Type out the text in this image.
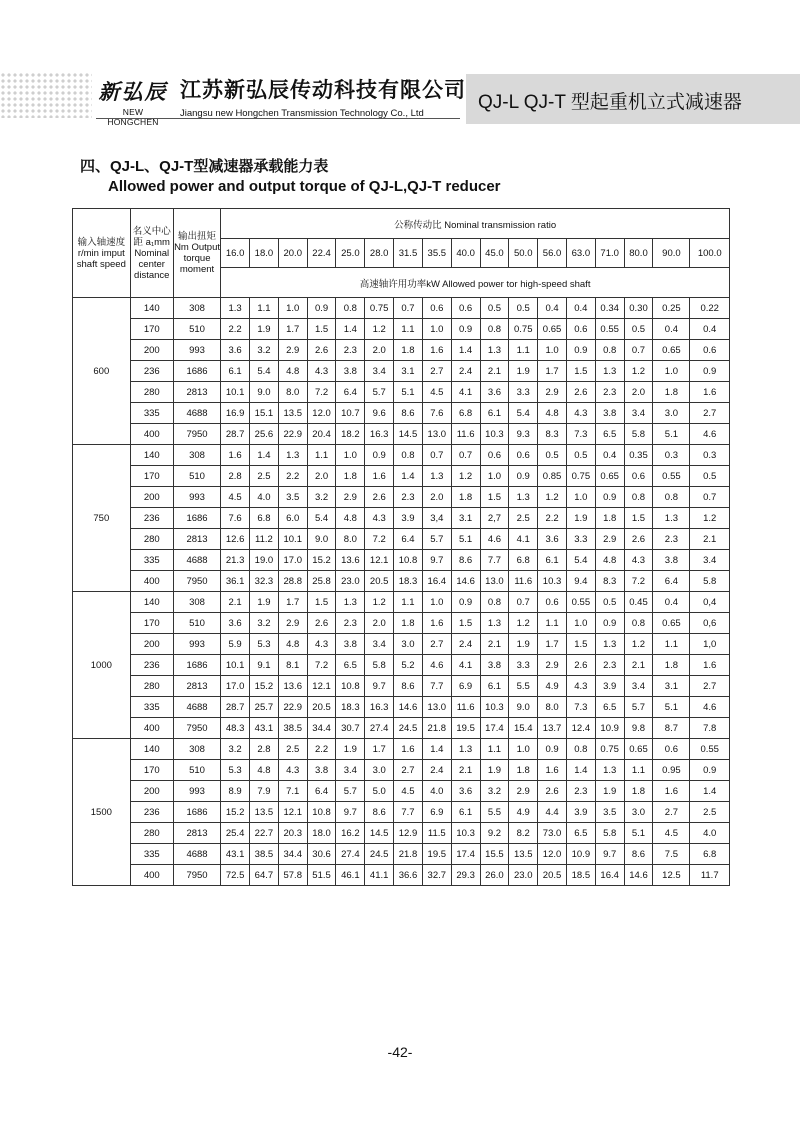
新弘辰
NEW HONGCHEN
江苏新弘辰传动科技有限公司
Jiangsu new Hongchen Transmission Technology Co., Ltd
QJ-L QJ-T 型起重机立式减速器
四、QJ-L、QJ-T型减速器承载能力表
Allowed power and output torque of QJ-L,QJ-T reducer
输入轴速度 r/min imput shaft speed	名义中心距 a₁mm Nominal center distance	输出扭矩 Nm Output torque moment	公称传动比 Nominal transmission ratio																
			16.0	18.0	20.0	22.4	25.0	28.0	31.5	35.5	40.0	45.0	50.0	56.0	63.0	71.0	80.0	90.0	100.0
			高速轴许用功率kW Allowed power tor high-speed shaft																
600	140	308	1.3	1.1	1.0	0.9	0.8	0.75	0.7	0.6	0.6	0.5	0.5	0.4	0.4	0.34	0.30	0.25	0.22
	170	510	2.2	1.9	1.7	1.5	1.4	1.2	1.1	1.0	0.9	0.8	0.75	0.65	0.6	0.55	0.5	0.4	0.4
	200	993	3.6	3.2	2.9	2.6	2.3	2.0	1.8	1.6	1.4	1.3	1.1	1.0	0.9	0.8	0.7	0.65	0.6
	236	1686	6.1	5.4	4.8	4.3	3.8	3.4	3.1	2.7	2.4	2.1	1.9	1.7	1.5	1.3	1.2	1.0	0.9
	280	2813	10.1	9.0	8.0	7.2	6.4	5.7	5.1	4.5	4.1	3.6	3.3	2.9	2.6	2.3	2.0	1.8	1.6
	335	4688	16.9	15.1	13.5	12.0	10.7	9.6	8.6	7.6	6.8	6.1	5.4	4.8	4.3	3.8	3.4	3.0	2.7
	400	7950	28.7	25.6	22.9	20.4	18.2	16.3	14.5	13.0	11.6	10.3	9.3	8.3	7.3	6.5	5.8	5.1	4.6
750	140	308	1.6	1.4	1.3	1.1	1.0	0.9	0.8	0.7	0.7	0.6	0.6	0.5	0.5	0.4	0.35	0.3	0.3
	170	510	2.8	2.5	2.2	2.0	1.8	1.6	1.4	1.3	1.2	1.0	0.9	0.85	0.75	0.65	0.6	0.55	0.5
	200	993	4.5	4.0	3.5	3.2	2.9	2.6	2.3	2.0	1.8	1.5	1.3	1.2	1.0	0.9	0.8	0.8	0.7
	236	1686	7.6	6.8	6.0	5.4	4.8	4.3	3.9	3,4	3.1	2,7	2.5	2.2	1.9	1.8	1.5	1.3	1.2
	280	2813	12.6	11.2	10.1	9.0	8.0	7.2	6.4	5.7	5.1	4.6	4.1	3.6	3.3	2.9	2.6	2.3	2.1
	335	4688	21.3	19.0	17.0	15.2	13.6	12.1	10.8	9.7	8.6	7.7	6.8	6.1	5.4	4.8	4.3	3.8	3.4
	400	7950	36.1	32.3	28.8	25.8	23.0	20.5	18.3	16.4	14.6	13.0	11.6	10.3	9.4	8.3	7.2	6.4	5.8
1000	140	308	2.1	1.9	1.7	1.5	1.3	1.2	1.1	1.0	0.9	0.8	0.7	0.6	0.55	0.5	0.45	0.4	0,4
	170	510	3.6	3.2	2.9	2.6	2.3	2.0	1.8	1.6	1.5	1.3	1.2	1.1	1.0	0.9	0.8	0.65	0,6
	200	993	5.9	5.3	4.8	4.3	3.8	3.4	3.0	2.7	2.4	2.1	1.9	1.7	1.5	1.3	1.2	1.1	1,0
	236	1686	10.1	9.1	8.1	7.2	6.5	5.8	5.2	4.6	4.1	3.8	3.3	2.9	2.6	2.3	2.1	1.8	1.6
	280	2813	17.0	15.2	13.6	12.1	10.8	9.7	8.6	7.7	6.9	6.1	5.5	4.9	4.3	3.9	3.4	3.1	2.7
	335	4688	28.7	25.7	22.9	20.5	18.3	16.3	14.6	13.0	11.6	10.3	9.0	8.0	7.3	6.5	5.7	5.1	4.6
	400	7950	48.3	43.1	38.5	34.4	30.7	27.4	24.5	21.8	19.5	17.4	15.4	13.7	12.4	10.9	9.8	8.7	7.8
1500	140	308	3.2	2.8	2.5	2.2	1.9	1.7	1.6	1.4	1.3	1.1	1.0	0.9	0.8	0.75	0.65	0.6	0.55
	170	510	5.3	4.8	4.3	3.8	3.4	3.0	2.7	2.4	2.1	1.9	1.8	1.6	1.4	1.3	1.1	0.95	0.9
	200	993	8.9	7.9	7.1	6.4	5.7	5.0	4.5	4.0	3.6	3.2	2.9	2.6	2.3	1.9	1.8	1.6	1.4
	236	1686	15.2	13.5	12.1	10.8	9.7	8.6	7.7	6.9	6.1	5.5	4.9	4.4	3.9	3.5	3.0	2.7	2.5
	280	2813	25.4	22.7	20.3	18.0	16.2	14.5	12.9	11.5	10.3	9.2	8.2	73.0	6.5	5.8	5.1	4.5	4.0
	335	4688	43.1	38.5	34.4	30.6	27.4	24.5	21.8	19.5	17.4	15.5	13.5	12.0	10.9	9.7	8.6	7.5	6.8
	400	7950	72.5	64.7	57.8	51.5	46.1	41.1	36.6	32.7	29.3	26.0	23.0	20.5	18.5	16.4	14.6	12.5	11.7
-42-
